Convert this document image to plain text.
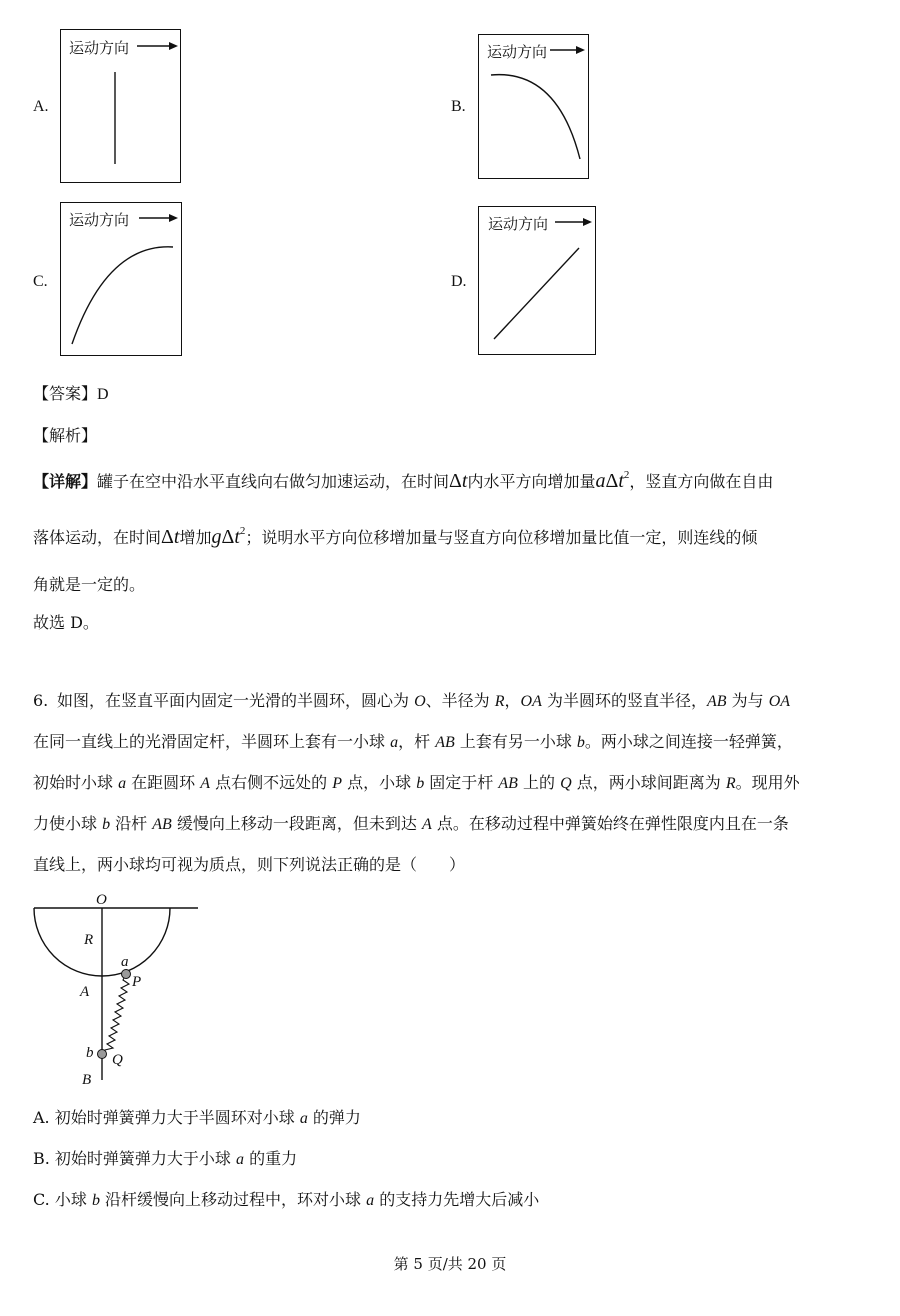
A.
运动方向
B.
运动方向
C.
运动方向
D.
运动方向
【答案】D
【解析】
【详解】罐子在空中沿水平直线向右做匀加速运动，在时间Δt内水平方向增加量aΔt$^2$，竖直方向做在自由
落体运动，在时间Δt增加gΔt$^2$；说明水平方向位移增加量与竖直方向位移增加量比值一定，则连线的倾
角就是一定的。
故选 D。
6. 如图，在竖直平面内固定一光滑的半圆环，圆心为 O、半径为 R，OA 为半圆环的竖直半径，AB 为与 OA
在同一直线上的光滑固定杆，半圆环上套有一小球 a，杆 AB 上套有另一小球 b。两小球之间连接一轻弹簧，
初始时小球 a 在距圆环 A 点右侧不远处的 P 点，小球 b 固定于杆 AB 上的 Q 点，两小球间距离为 R。现用外
力使小球 b 沿杆 AB 缓慢向上移动一段距离，但未到达 A 点。在移动过程中弹簧始终在弹性限度内且在一条
直线上，两小球均可视为质点，则下列说法正确的是（　　）
O
R
a
A
P
b Q
B
A. 初始时弹簧弹力大于半圆环对小球 a 的弹力
B. 初始时弹簧弹力大于小球 a 的重力
C. 小球 b 沿杆缓慢向上移动过程中，环对小球 a 的支持力先增大后减小
第 5 页/共 20 页
